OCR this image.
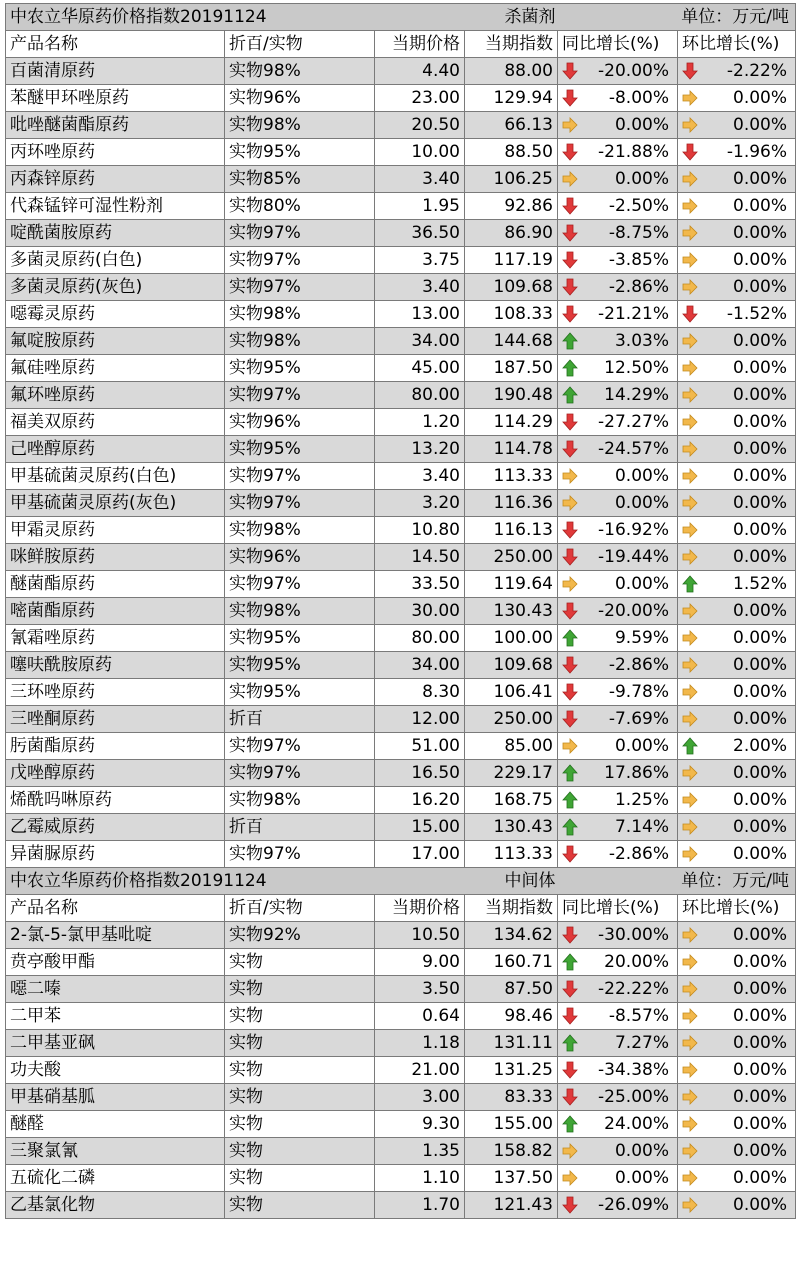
中农立华原药价格指数20191124			杀菌剂	单位：万元/吨	
产品名称	折百/实物	当期价格	当期指数	同比增长(%)	环比增长(%)
百菌清原药	实物98%	4.40	88.00	-20.00%	-2.22%

苯醚甲环唑原药	实物96%	23.00	129.94	-8.00%	0.00%

吡唑醚菌酯原药	实物98%	20.50	66.13	0.00%	0.00%

丙环唑原药	实物95%	10.00	88.50	-21.88%	-1.96%

丙森锌原药	实物85%	3.40	106.25	0.00%	0.00%

代森锰锌可湿性粉剂	实物80%	1.95	92.86	-2.50%	0.00%

啶酰菌胺原药	实物97%	36.50	86.90	-8.75%	0.00%

多菌灵原药(白色)	实物97%	3.75	117.19	-3.85%	0.00%

多菌灵原药(灰色)	实物97%	3.40	109.68	-2.86%	0.00%

噁霉灵原药	实物98%	13.00	108.33	-21.21%	-1.52%

氟啶胺原药	实物98%	34.00	144.68	3.03%	0.00%

氟硅唑原药	实物95%	45.00	187.50	12.50%	0.00%

氟环唑原药	实物97%	80.00	190.48	14.29%	0.00%

福美双原药	实物96%	1.20	114.29	-27.27%	0.00%

己唑醇原药	实物95%	13.20	114.78	-24.57%	0.00%

甲基硫菌灵原药(白色)	实物97%	3.40	113.33	0.00%	0.00%

甲基硫菌灵原药(灰色)	实物97%	3.20	116.36	0.00%	0.00%

甲霜灵原药	实物98%	10.80	116.13	-16.92%	0.00%

咪鲜胺原药	实物96%	14.50	250.00	-19.44%	0.00%

醚菌酯原药	实物97%	33.50	119.64	0.00%	1.52%

嘧菌酯原药	实物98%	30.00	130.43	-20.00%	0.00%

氰霜唑原药	实物95%	80.00	100.00	9.59%	0.00%

噻呋酰胺原药	实物95%	34.00	109.68	-2.86%	0.00%

三环唑原药	实物95%	8.30	106.41	-9.78%	0.00%

三唑酮原药	折百	12.00	250.00	-7.69%	0.00%

肟菌酯原药	实物97%	51.00	85.00	0.00%	2.00%

戊唑醇原药	实物97%	16.50	229.17	17.86%	0.00%

烯酰吗啉原药	实物98%	16.20	168.75	1.25%	0.00%

乙霉威原药	折百	15.00	130.43	7.14%	0.00%

异菌脲原药	实物97%	17.00	113.33	-2.86%	0.00%

中农立华原药价格指数20191124			中间体	单位：万元/吨	
产品名称	折百/实物	当期价格	当期指数	同比增长(%)	环比增长(%)
2-氯-5-氯甲基吡啶	实物92%	10.50	134.62	-30.00%	0.00%

贲亭酸甲酯	实物	9.00	160.71	20.00%	0.00%

噁二嗪	实物	3.50	87.50	-22.22%	0.00%

二甲苯	实物	0.64	98.46	-8.57%	0.00%

二甲基亚砜	实物	1.18	131.11	7.27%	0.00%

功夫酸	实物	21.00	131.25	-34.38%	0.00%

甲基硝基胍	实物	3.00	83.33	-25.00%	0.00%

醚醛	实物	9.30	155.00	24.00%	0.00%

三聚氯氰	实物	1.35	158.82	0.00%	0.00%

五硫化二磷	实物	1.10	137.50	0.00%	0.00%

乙基氯化物	实物	1.70	121.43	-26.09%	0.00%
